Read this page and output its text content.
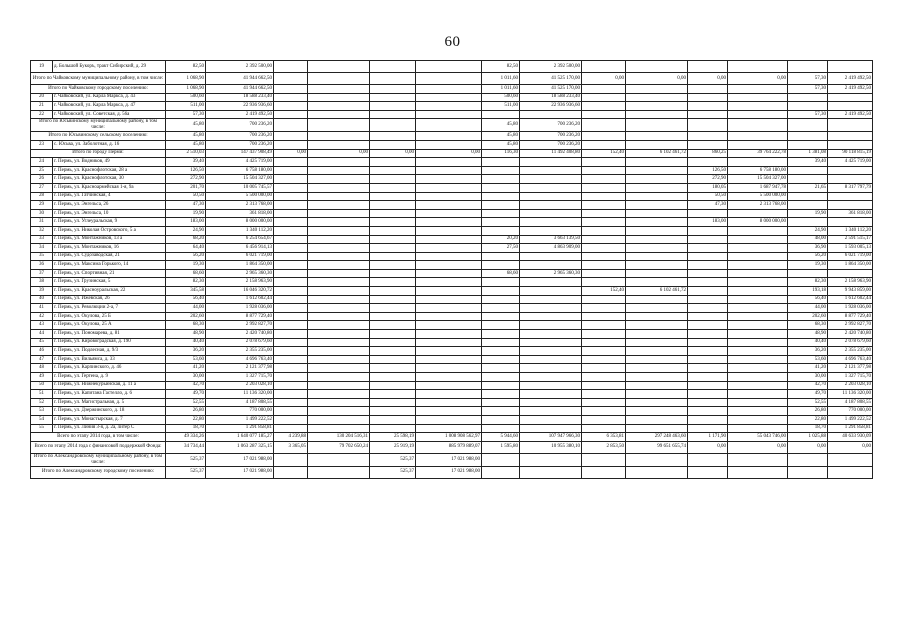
60
19	д. Большой Букоръ, тракт Сибирский, д. 29	82,50	2 392 500,00					82,50	2 392 500,00						
Итого по Чайковскому муниципальному району, в том числе:		1 068,90	41 944 662,50					1 011,60	41 525 170,00	0,00	0,00	0,00	0,00	57,30	2 419 492,50
Итого по Чайковскому городскому поселению:		1 068,90	41 944 662,50					1 011,60	41 525 170,00					57,30	2 419 492,50
20	г. Чайковский, ул. Карла Маркса, д. 43	500,60	18 588 233,40					500,60	18 588 233,40						
21	г. Чайковский, ул. Карла Маркса, д. 47	511,00	22 936 936,60					511,00	22 936 936,60						
22	г. Чайковский, ул. Советская, д. 56а	57,30	2 419 492,50											57,30	2 419 492,50
Итого по Юсьвинскому муниципальному району, в том числе:		45,80	700 236,20					45,80	700 236,20						
Итого по Юсьвинскому сельскому поселению:		45,80	700 236,20					45,80	700 236,20						
23	с. Юсьва, ул. Заболотная, д. 16	45,80	700 236,20					45,80	700 236,20						
Итого по городу Перми:		2 510,03	147 437 908,49	0,00	0,00	0,00	0,00	116,30	11 492 408,80	152,40	6 102 461,72	860,25	39 764 222,78	1 381,08	90 118 815,19
24	г. Пермь, ул. Водников, 49	39,40	4 425 719,00											39,40	4 425 719,00
25	г. Пермь, ул. Краснофлотская, 28 а	126,50	6 758 180,00									126,50	6 758 180,00		
26	г. Пермь, ул. Краснофлотская, 30	272,90	15 504 327,00									272,90	15 504 327,00		
27	г. Пермь, ул. Красноармейская 1-я, 9а	201,70	10 005 745,57									180,05	1 687 947,78	21,65	8 317 797,79
28	г. Пермь, ул. Гатчинская, 4	50,50	5 500 000,00									50,50	5 500 000,00		
29	г. Пермь, ул. Энгельса, 26	47,30	2 313 768,00									47,30	2 313 768,00		
30	г. Пермь, ул. Энгельса, 10	19,90	361 818,00											19,90	361 818,00
31	г. Пермь, ул. Углеуральская, 9	183,00	8 000 000,00									183,00	8 000 000,00		
32	г. Пермь, ул. Николая Островского, 5 а	24,90	1 340 112,20											24,90	1 340 112,20
33	г. Пермь, ул. Монтажников, 13 а	68,20	6 254 654,67					20,20	3 663 139,50					48,00	2 591 515,17
34	г. Пермь, ул. Монтажников, 16	64,40	6 456 914,13					27,50	4 863 909,00					36,90	1 593 005,13
35	г. Пермь, ул. Судозаводская, 21	56,20	6 021 719,00											56,20	6 021 719,00
36	г. Пермь, ул. Максима Горького, 14	19,30	1 864 350,00											19,30	1 864 350,00
37	г. Пермь, ул. Спортивная, 21	68,60	2 965 360,30					68,60	2 965 360,30						
38	г. Пермь, ул. Грузинская, 5	82,30	2 158 963,90											82,30	2 158 963,90
39	г. Пермь, ул. Красноуральская, 22	345,58	16 046 320,72							152,40	6 102 461,72			193,18	9 943 859,00
40	г. Пермь, ул. Ижевская, 26	56,40	1 612 602,44											56,40	1 612 602,44
41	г. Пермь, ул. Революции 2-а, 7	44,00	1 928 036,00											44,00	1 928 036,00
42	г. Пермь, ул. Окулова, 25 Б	202,60	8 877 729,40											202,60	8 877 729,40
43	г. Пермь, ул. Окулова, 25 А	68,30	2 992 827,70											68,30	2 992 827,70
44	г. Пермь, ул. Пономарева, д. 81	48,90	2 420 740,80											48,90	2 420 740,80
45	г. Пермь, ул. Кировоградская, д. 190	40,40	2 078 679,60											40,40	2 078 679,60
46	г. Пермь, ул. Подлесная, д. 9/3	36,20	2 355 235,00											36,20	2 355 235,00
47	г. Пермь, ул. Вильямса, д. 33	53,60	4 696 763,40											53,60	4 696 763,40
48	г. Пермь, ул. Карпинского, д. 46	41,20	2 121 377,98											41,20	2 121 377,98
49	г. Пермь, ул. Гертена, д. 9	30,00	1 327 715,70											30,00	1 327 715,70
50	г. Пермь, ул. Нижнекурьинская, д. 11 а	42,70	2 203 028,10											42,70	2 203 028,10
51	г. Пермь, ул. Капитана Гастелло, д. 6	49,70	11 136 320,00											49,70	11 136 320,00
52	г. Пермь, ул. Магистральная, д. 5	52,55	4 187 808,55											52,55	4 187 808,55
53	г. Пермь, ул. Дзержинского, д. 18	26,80	770 000,00											26,80	770 000,00
54	г. Пермь, ул. Монастырская, д. 7	22,80	1 499 222,52											22,80	1 499 222,52
55	г. Пермь, ул. Линия 3-я, д. 2а, литер С	18,70	1 291 858,81											18,70	1 291 858,81
Всего по этапу 2014 года, в том числе:		49 334,26	1 640 077 185,27	4 239,88	130 204 516,31	25 598,19	1 008 908 562,97	5 944,60	107 947 966,30	6 353,81	297 248 463,60	1 171,90	55 043 746,00	1 025,88	40 633 930,09
Всего по этапу 2014 года с финансовой поддержкой Фонда:		34 734,44	1 063 287 325,15	3 365,05	79 702 650,24	25 919,19	885 979 889,07	1 595,80	10 955 380,10	2 853,50	99 651 655,74	0,00	0,00	0,00	0,00
Итого по Александровскому муниципальному району, в том числе:		525,37	17 021 988,00			525,37	17 021 988,00								
Итого по Александровскому городскому поселению:		525,37	17 021 988,00			525,37	17 021 988,00								
